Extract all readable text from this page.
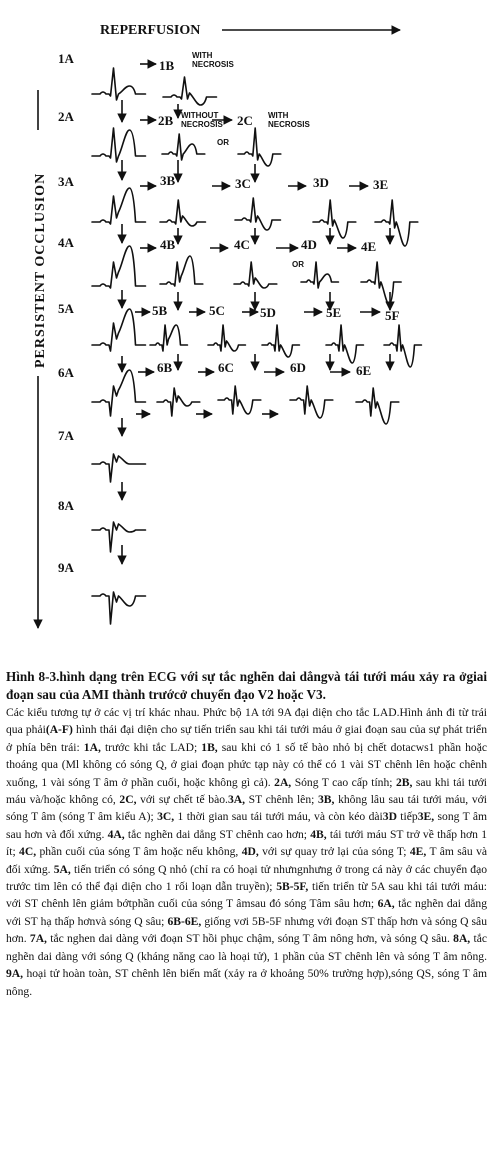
REPERFUSION
PERSISTENT OCCLUSION
1A
2A
3A
4A
5A
6A
7A
8A
9A
1B
2B	2C
3B	3C	3D	3E
4B	4C	4D	4E
5B	5C	5D	5E	5F
6B	6C	6D	6E
WITH NECROSIS
WITHOUT NECROSIS
WITH NECROSIS
OR
OR

Hình 8-3.hình dạng trên ECG với sự tắc nghẽn dai dẳngvà tái tưới máu xảy ra ởgiai đoạn sau của AMI thành trướcở chuyển đạo V2 hoặc V3.

Các kiểu tương tự ở các vị trí khác nhau. Phức bộ 1A tới 9A đại diện cho tắc LAD.Hình ảnh đi từ trái qua phải(A-F) hình thái đại diện cho sự tiến triển sau khi tái tưới máu ở giai đoạn sau của sự phát triển ở phía bên trái: 1A, trước khi tắc LAD; 1B, sau khi có 1 số tế bào nhỏ bị chết dotacws1 phần hoặc thoáng qua (Ml không có sóng Q, ở giai đoạn phức tạp này có thể có 1 vài ST chênh lên hoặc chênh xuống, 1 vài sóng T âm ở phần cuối, hoặc không gì cả). 2A, Sóng T cao cấp tính; 2B, sau khi tái tưới máu và/hoặc không có, 2C, với sự chết tế bào.3A, ST chênh lên; 3B, không lâu sau tái tưới máu, với sóng T âm (sóng T âm kiểu A); 3C, 1 thời gian sau tái tưới máu, và còn kéo dài3D tiếp3E, song T âm sau hơn và đối xứng. 4A, tắc nghẽn dai dẳng ST chênh cao hơn; 4B, tái tưới máu ST trở về thấp hơn 1 ít; 4C, phần cuối của sóng T âm hoặc nếu không, 4D, với sự quay trở lại của sóng T; 4E, T âm sâu và đối xứng. 5A, tiến triển có sóng Q nhỏ (chỉ ra có hoại tử nhưngnhưng ở trong cá này ở các chuyển đạo trước tim lên có thể đại diện cho 1 rối loạn dẫn truyền); 5B-5F, tiến triển từ 5A sau khi tái tưới máu: với ST chênh lên giảm bớtphần cuối của sóng T âmsau đó sóng Tâm sâu hơn; 6A, tắc nghẽn dai dẳng với ST hạ thấp hơnvà sóng Q sâu; 6B-6E, giống vơi 5B-5F nhưng với đoạn ST thấp hơn và sóng Q sâu hơn. 7A, tắc nghen dai dàng với đoạn ST hồi phục chậm, sóng T âm nông hơn, và sóng Q sâu. 8A, tắc nghẽn dai dàng với sóng Q (kháng năng cao là hoại tử), 1 phần của ST chênh lên và sóng T âm nông. 9A, hoại tử hoàn toàn, ST chênh lên biến mất (xảy ra ở khoảng 50% trường hợp),sóng QS, sóng T âm nông.
